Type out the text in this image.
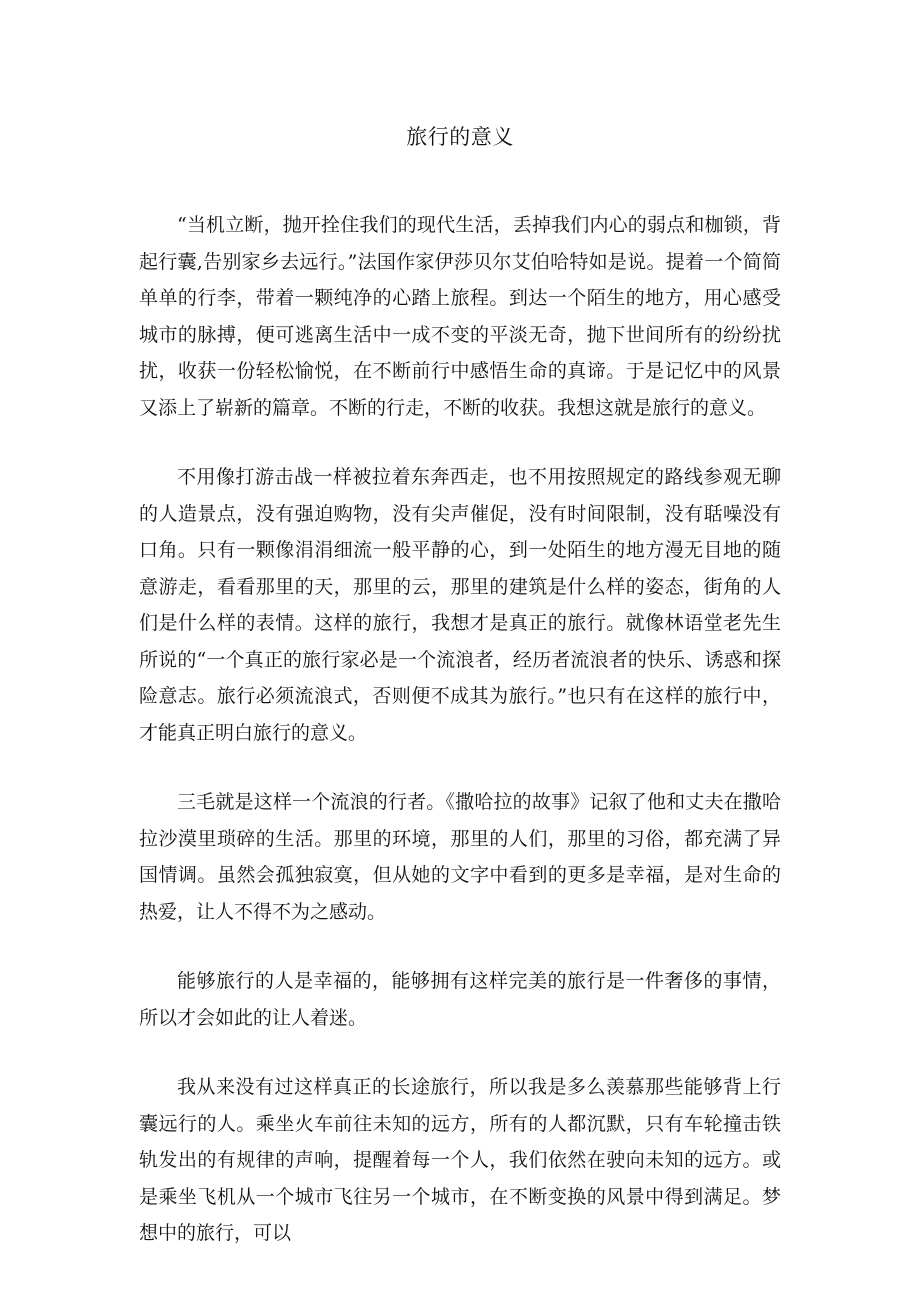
旅行的意义

“当机立断，抛开拴住我们的现代生活，丢掉我们内心的弱点和枷锁，背起行囊,告别家乡去远行。”法国作家伊莎贝尔艾伯哈特如是说。提着一个简简单单的行李，带着一颗纯净的心踏上旅程。到达一个陌生的地方，用心感受城市的脉搏，便可逃离生活中一成不变的平淡无奇，抛下世间所有的纷纷扰扰，收获一份轻松愉悦，在不断前行中感悟生命的真谛。于是记忆中的风景又添上了崭新的篇章。不断的行走，不断的收获。我想这就是旅行的意义。

不用像打游击战一样被拉着东奔西走，也不用按照规定的路线参观无聊的人造景点，没有强迫购物，没有尖声催促，没有时间限制，没有聒噪没有口角。只有一颗像涓涓细流一般平静的心，到一处陌生的地方漫无目地的随意游走，看看那里的天，那里的云，那里的建筑是什么样的姿态，街角的人们是什么样的表情。这样的旅行，我想才是真正的旅行。就像林语堂老先生所说的“一个真正的旅行家必是一个流浪者，经历者流浪者的快乐、诱惑和探险意志。旅行必须流浪式，否则便不成其为旅行。”也只有在这样的旅行中，才能真正明白旅行的意义。

三毛就是这样一个流浪的行者。《撒哈拉的故事》记叙了他和丈夫在撒哈拉沙漠里琐碎的生活。那里的环境，那里的人们，那里的习俗，都充满了异国情调。虽然会孤独寂寞，但从她的文字中看到的更多是幸福，是对生命的热爱，让人不得不为之感动。

能够旅行的人是幸福的，能够拥有这样完美的旅行是一件奢侈的事情，所以才会如此的让人着迷。

我从来没有过这样真正的长途旅行，所以我是多么羡慕那些能够背上行囊远行的人。乘坐火车前往未知的远方，所有的人都沉默，只有车轮撞击铁轨发出的有规律的声响，提醒着每一个人，我们依然在驶向未知的远方。或是乘坐飞机从一个城市飞往另一个城市，在不断变换的风景中得到满足。梦想中的旅行，可以
